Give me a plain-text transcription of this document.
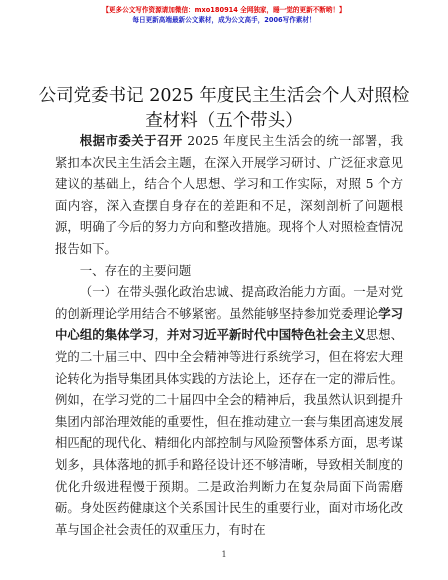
【更多公文写作资源请加微信：mxo180914 全网独家，睡一觉的更新不断哟！】
每日更新高端最新公文素材，成为公文高手，2006写作素材！
公司党委书记 2025 年度民主生活会个人对照检
查材料（五个带头）

根据市委关于召开 2025 年度民主生活会的统一部署，我紧扣本次民主生活会主题，在深入开展学习研讨、广泛征求意见建议的基础上，结合个人思想、学习和工作实际，对照 5 个方面内容，深入查摆自身存在的差距和不足，深刻剖析了问题根源，明确了今后的努力方向和整改措施。现将个人对照检查情况报告如下。

一、存在的主要问题

（一）在带头强化政治忠诚、提高政治能力方面。一是对党的创新理论学用结合不够紧密。虽然能够坚持参加党委理论学习中心组的集体学习，并对习近平新时代中国特色社会主义思想、党的二十届三中、四中全会精神等进行系统学习，但在将宏大理论转化为指导集团具体实践的方法论上，还存在一定的滞后性。例如，在学习党的二十届四中全会的精神后，我虽然认识到提升集团内部治理效能的重要性，但在推动建立一套与集团高速发展相匹配的现代化、精细化内部控制与风险预警体系方面，思考谋划多，具体落地的抓手和路径设计还不够清晰，导致相关制度的优化升级进程慢于预期。二是政治判断力在复杂局面下尚需磨砺。身处医药健康这个关系国计民生的重要行业，面对市场化改革与国企社会责任的双重压力，有时在

1
